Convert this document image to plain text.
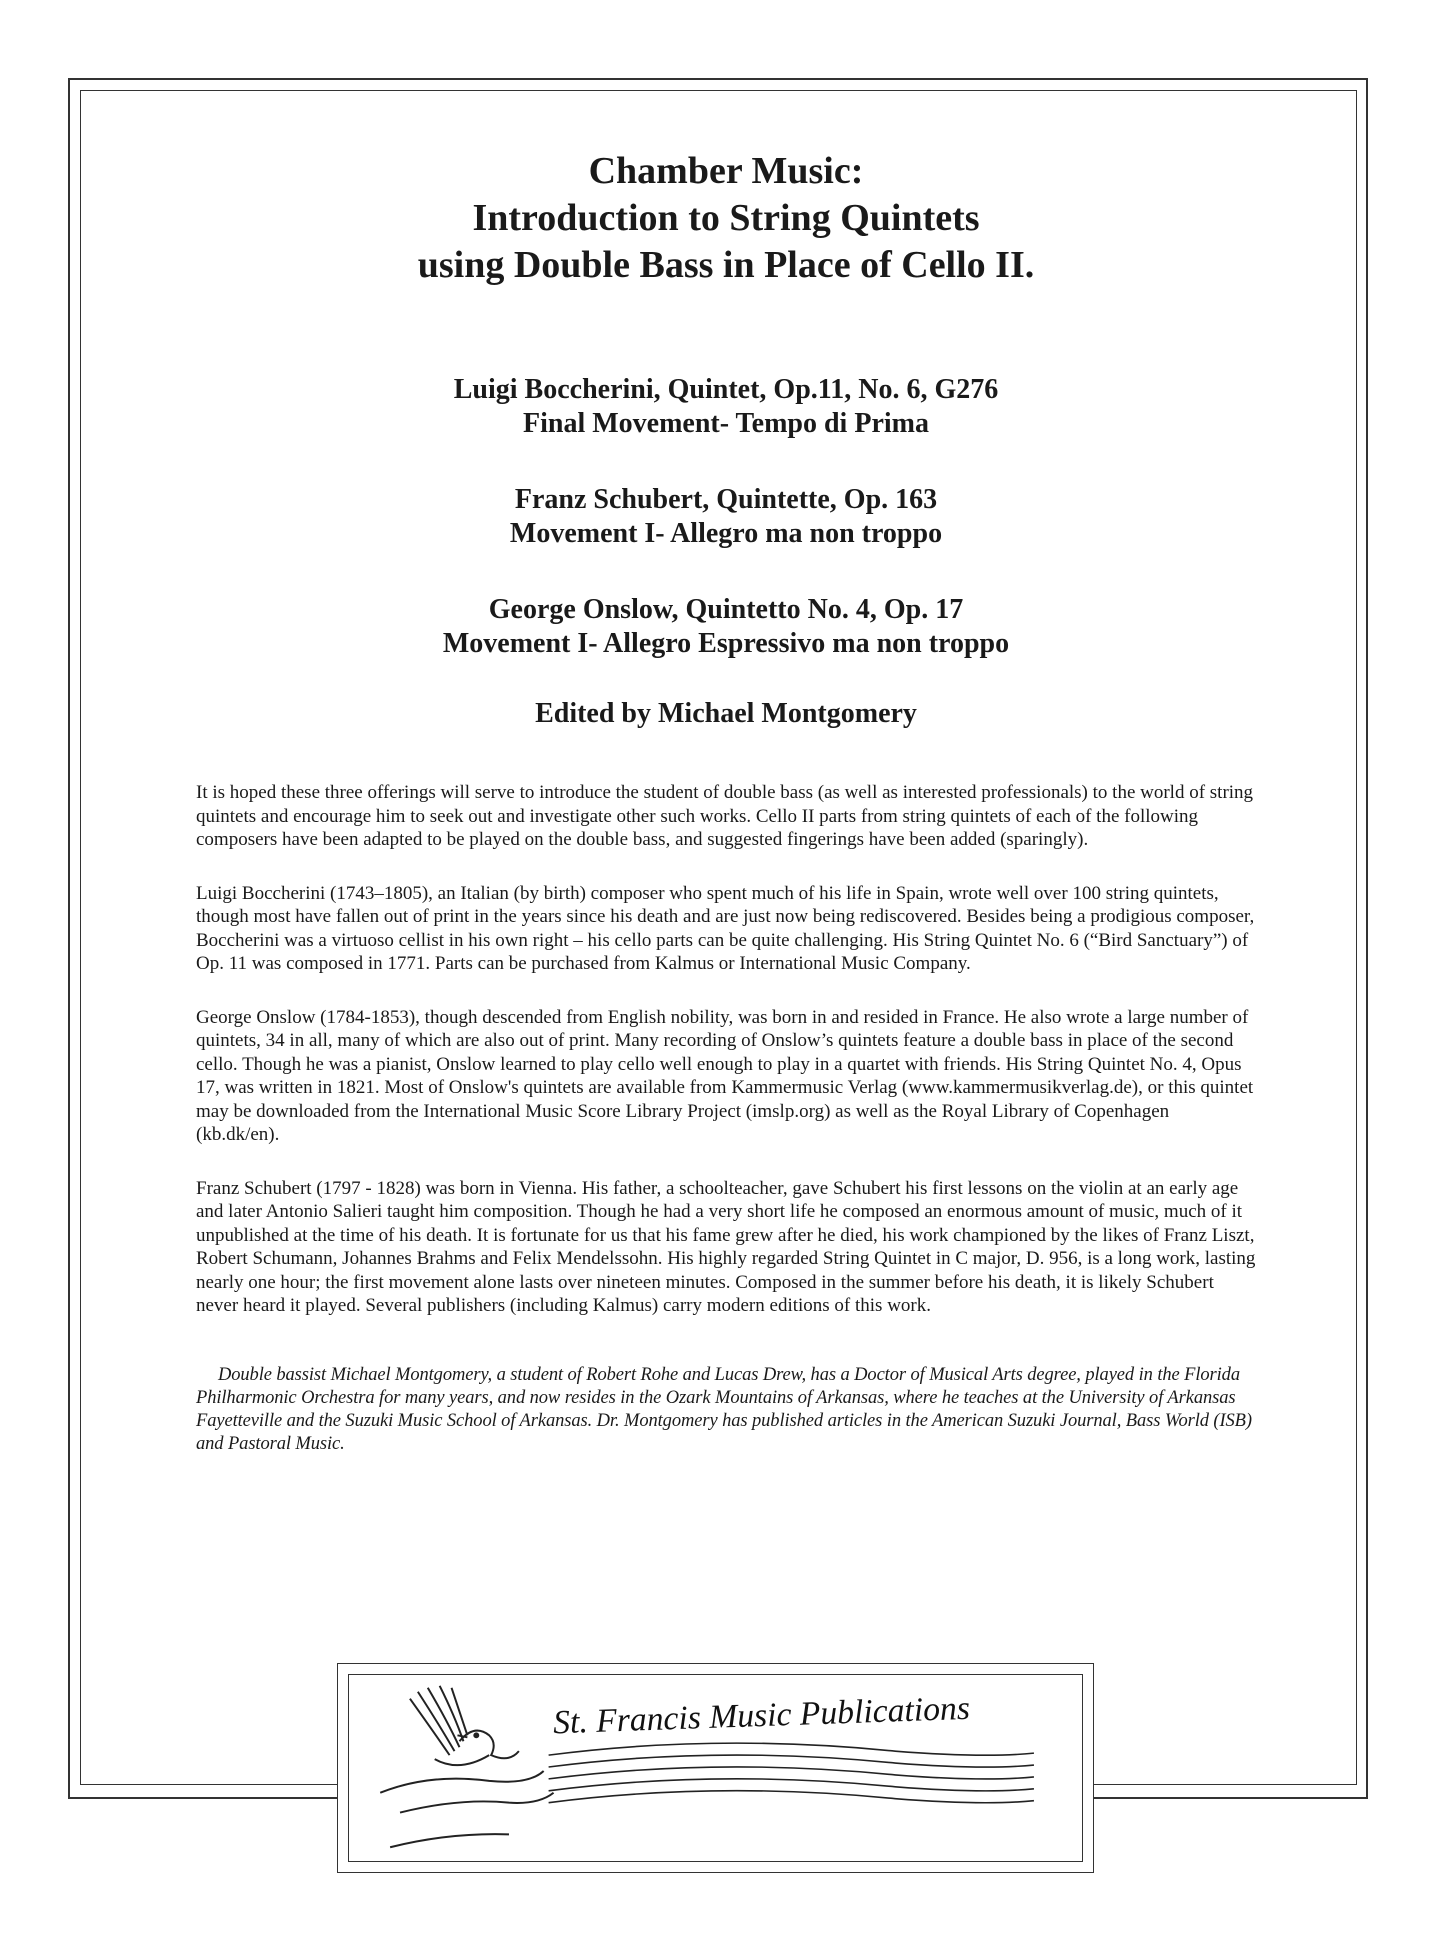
Chamber Music:
Introduction to String Quintets
using Double Bass in Place of Cello II.
Luigi Boccherini, Quintet, Op.11, No. 6, G276
Final Movement- Tempo di Prima
Franz Schubert, Quintette, Op. 163
Movement I- Allegro ma non troppo
George Onslow, Quintetto No. 4, Op. 17
Movement I- Allegro Espressivo ma non troppo
Edited by Michael Montgomery

It is hoped these three offerings will serve to introduce the student of double bass (as well as interested professionals) to the world of string quintets and encourage him to seek out and investigate other such works. Cello II parts from string quintets of each of the following composers have been adapted to be played on the double bass, and suggested fingerings have been added (sparingly).

Luigi Boccherini (1743–1805), an Italian (by birth) composer who spent much of his life in Spain, wrote well over 100 string quintets, though most have fallen out of print in the years since his death and are just now being rediscovered. Besides being a prodigious composer, Boccherini was a virtuoso cellist in his own right – his cello parts can be quite challenging. His String Quintet No. 6 (“Bird Sanctuary”) of Op. 11 was composed in 1771. Parts can be purchased from Kalmus or International Music Company.

George Onslow (1784-1853), though descended from English nobility, was born in and resided in France. He also wrote a large number of quintets, 34 in all, many of which are also out of print. Many recording of Onslow’s quintets feature a double bass in place of the second cello. Though he was a pianist, Onslow learned to play cello well enough to play in a quartet with friends. His String Quintet No. 4, Opus 17, was written in 1821. Most of Onslow's quintets are available from Kammermusic Verlag (www.kammermusikverlag.de), or this quintet may be downloaded from the International Music Score Library Project (imslp.org) as well as the Royal Library of Copenhagen (kb.dk/en).

Franz Schubert (1797 - 1828) was born in Vienna. His father, a schoolteacher, gave Schubert his first lessons on the violin at an early age and later Antonio Salieri taught him composition. Though he had a very short life he composed an enormous amount of music, much of it unpublished at the time of his death. It is fortunate for us that his fame grew after he died, his work championed by the likes of Franz Liszt, Robert Schumann, Johannes Brahms and Felix Mendelssohn. His highly regarded String Quintet in C major, D. 956, is a long work, lasting nearly one hour; the first movement alone lasts over nineteen minutes. Composed in the summer before his death, it is likely Schubert never heard it played. Several publishers (including Kalmus) carry modern editions of this work.

Double bassist Michael Montgomery, a student of Robert Rohe and Lucas Drew, has a Doctor of Musical Arts degree, played in the Florida Philharmonic Orchestra for many years, and now resides in the Ozark Mountains of Arkansas, where he teaches at the University of Arkansas Fayetteville and the Suzuki Music School of Arkansas. Dr. Montgomery has published articles in the American Suzuki Journal, Bass World (ISB) and Pastoral Music.

St. Francis Music Publications
